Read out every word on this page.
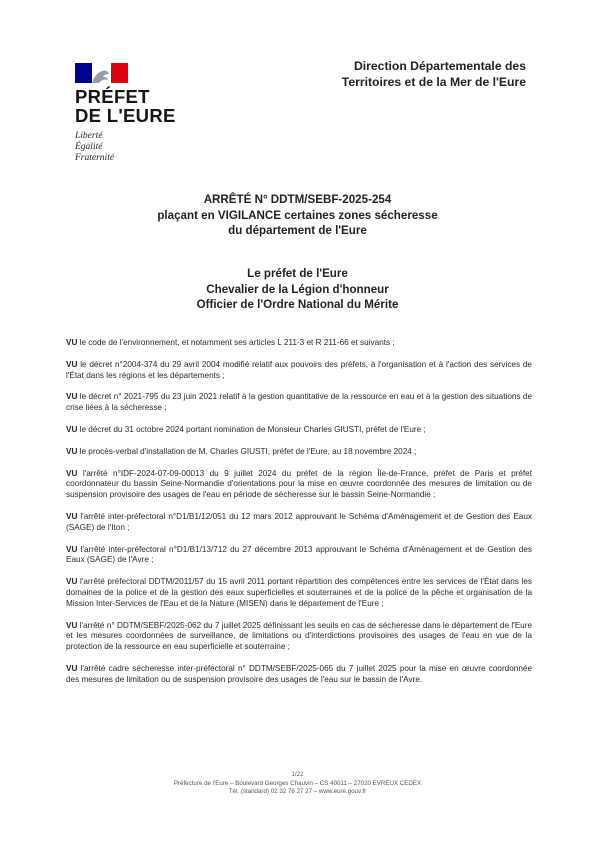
PRÉFET
DE L'EURE
Liberté
Égalité
Fraternité
Direction Départementale des
Territoires et de la Mer de l'Eure
ARRÊTÉ N° DDTM/SEBF-2025-254
plaçant en VIGILANCE certaines zones sécheresse
du département de l'Eure
Le préfet de l'Eure
Chevalier de la Légion d'honneur
Officier de l'Ordre National du Mérite

VU le code de l'environnement, et notamment ses articles L 211-3 et R 211-66 et suivants ;

VU le décret n°2004-374 du 29 avril 2004 modifié relatif aux pouvoirs des préfets, à l'organisation et à l'action des services de l'État dans les régions et les départements ;

VU le décret n° 2021-795 du 23 juin 2021 relatif à la gestion quantitative de la ressource en eau et à la gestion des situations de crise liées à la sécheresse ;

VU le décret du 31 octobre 2024 portant nomination de Monsieur Charles GIUSTI, préfet de l'Eure ;

VU le procès-verbal d'installation de M. Charles GIUSTI, préfet de l'Eure, au 18 novembre 2024 ;

VU l'arrêté n°IDF-2024-07-09-00013 du 9 juillet 2024 du préfet de la région Île-de-France, préfet de Paris et préfet coordonnateur du bassin Seine-Normandie d'orientations pour la mise en œuvre coordonnée des mesures de limitation ou de suspension provisoire des usages de l'eau en période de sécheresse sur le bassin Seine-Normandie ;

VU l'arrêté inter-préfectoral n°D1/B1/12/051 du 12 mars 2012 approuvant le Schéma d'Aménagement et de Gestion des Eaux (SAGE) de l'Iton ;

VU l'arrêté inter-préfectoral n°D1/B1/13/712 du 27 décembre 2013 approuvant le Schéma d'Aménagement et de Gestion des Eaux (SAGE) de l'Avre ;

VU l'arrêté préfectoral DDTM/2011/57 du 15 avril 2011 portant répartition des compétences entre les services de l'État dans les domaines de la police et de la gestion des eaux superficielles et souterraines et de la police de la pêche et organisation de la Mission Inter-Services de l'Eau et de la Nature (MISEN) dans le département de l'Eure ;

VU l'arrêté n° DDTM/SEBF/2025-062 du 7 juillet 2025 définissant les seuils en cas de sécheresse dans le département de l'Eure et les mesures coordonnées de surveillance, de limitations ou d'interdictions provisoires des usages de l'eau en vue de la protection de la ressource en eau superficielle et souterraine ;

VU l'arrêté cadre sécheresse inter-préfectoral n° DDTM/SEBF/2025-065 du 7 juillet 2025 pour la mise en œuvre coordonnée des mesures de limitation ou de suspension provisoire des usages de l'eau sur le bassin de l'Avre.

1/22
Préfecture de l'Eure – Boulevard Georges Chauvin – CS 40011 – 27020 EVREUX CEDEX
Tél. (standard) 02 32 78 27 27 – www.eure.gouv.fr
